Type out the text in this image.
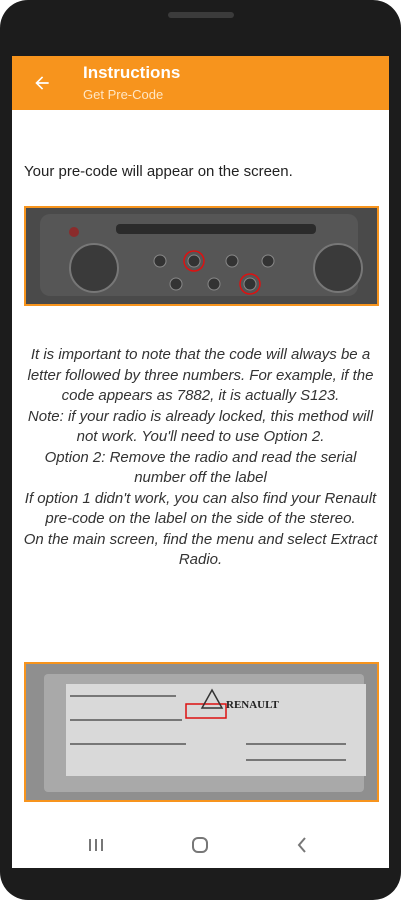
Instructions
Get Pre-Code
Your pre-code will appear on the screen.

It is important to note that the code will always be a letter followed by three numbers. For example, if the code appears as 7882, it is actually S123.
Note: if your radio is already locked, this method will not work. You'll need to use Option 2.
Option 2: Remove the radio and read the serial number off the label
If option 1 didn't work, you can also find your Renault pre-code on the label on the side of the stereo.
On the main screen, find the menu and select Extract Radio.

RENAULT
